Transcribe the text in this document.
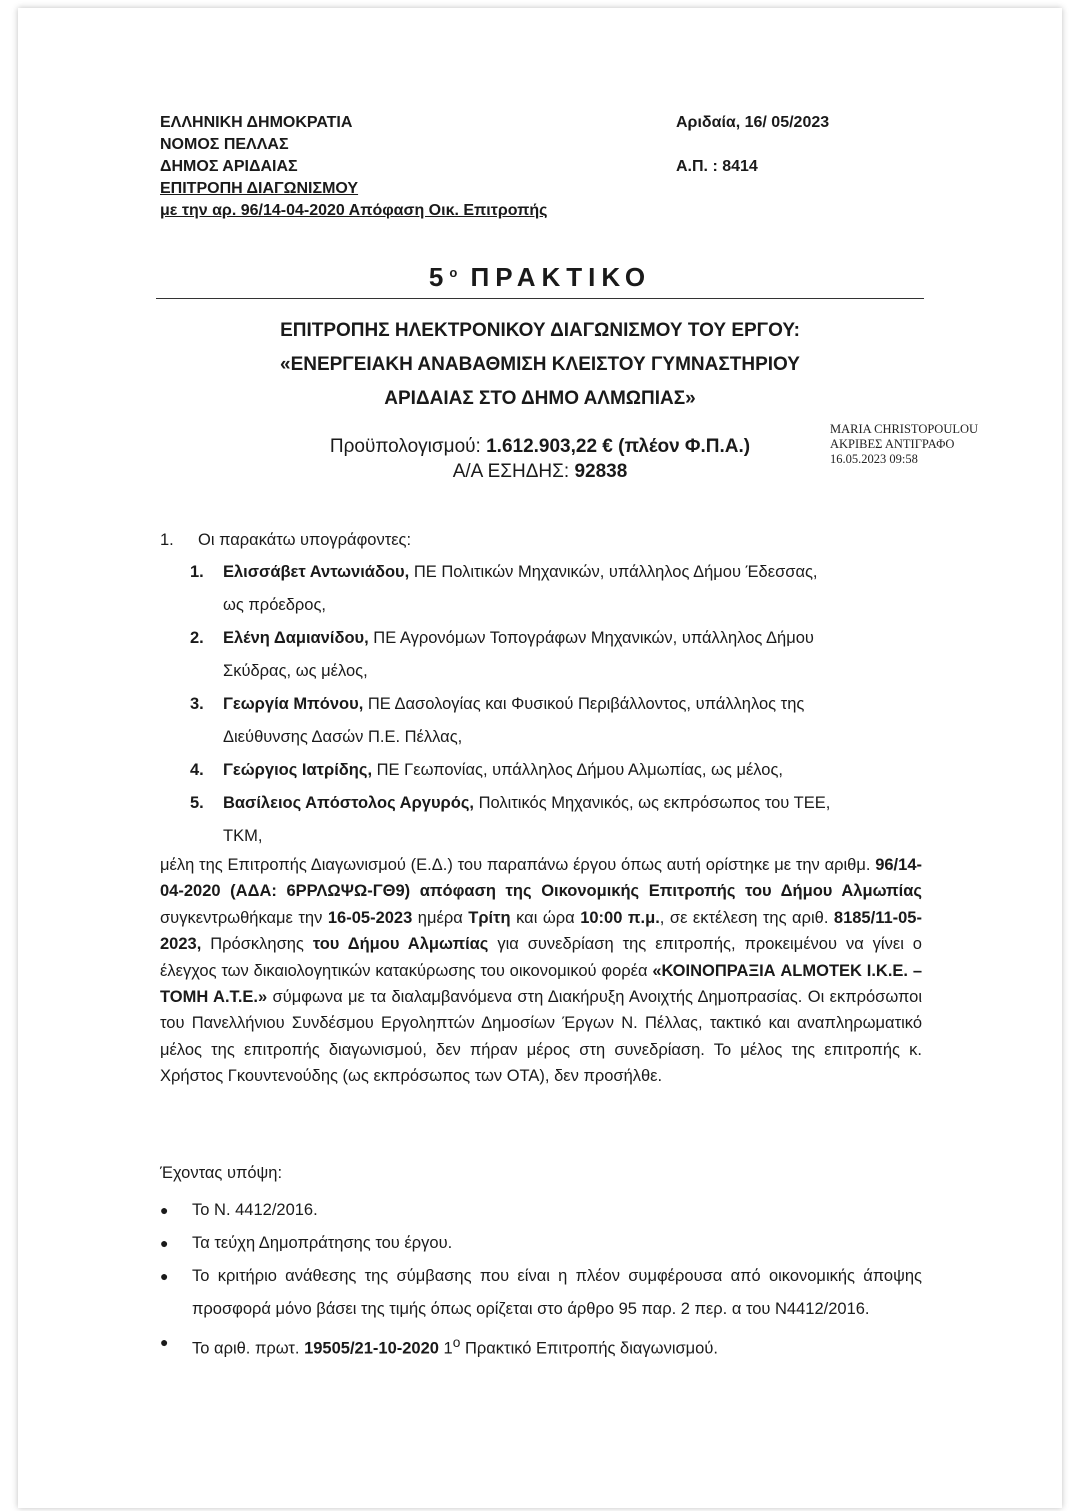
ΕΛΛΗΝΙΚΗ ΔΗΜΟΚΡΑΤΙΑ
ΝΟΜΟΣ ΠΕΛΛΑΣ
ΔΗΜΟΣ ΑΡΙΔΑΙΑΣ
ΕΠΙΤΡΟΠΗ ΔΙΑΓΩΝΙΣΜΟΥ
με την αρ. 96/14-04-2020 Απόφαση Οικ. Επιτροπής
Αριδαία, 16/ 05/2023
Α.Π. : 8414
$5^o$ ΠΡΑΚΤΙΚΟ
ΕΠΙΤΡΟΠΗΣ ΗΛΕΚΤΡΟΝΙΚΟΥ ΔΙΑΓΩΝΙΣΜΟΥ ΤΟΥ ΕΡΓΟΥ:
«ΕΝΕΡΓΕΙΑΚΗ ΑΝΑΒΑΘΜΙΣΗ ΚΛΕΙΣΤΟΥ ΓΥΜΝΑΣΤΗΡΙΟΥ
ΑΡΙΔΑΙΑΣ ΣΤΟ ΔΗΜΟ ΑΛΜΩΠΙΑΣ»
Προϋπολογισμού: 1.612.903,22 € (πλέον Φ.Π.Α.)
Α/Α ΕΣΗΔΗΣ: 92838
MARIA CHRISTOPOULOU
ΑΚΡΙΒΕΣ ΑΝΤΙΓΡΑΦΟ
16.05.2023 09:58
1. Οι παρακάτω υπογράφοντες:
1.	Ελισσάβετ Αντωνιάδου, ΠΕ Πολιτικών Μηχανικών, υπάλληλος Δήμου Έδεσσας,
ως πρόεδρος,
2.	Ελένη Δαμιανίδου, ΠΕ Αγρονόμων Τοπογράφων Μηχανικών, υπάλληλος Δήμου
Σκύδρας, ως μέλος,
3.	Γεωργία Μπόνου, ΠΕ Δασολογίας και Φυσικού Περιβάλλοντος, υπάλληλος της
Διεύθυνσης Δασών Π.Ε. Πέλλας,
4.	Γεώργιος Ιατρίδης, ΠΕ Γεωπονίας, υπάλληλος Δήμου Αλμωπίας, ως μέλος,
5.	Βασίλειος Απόστολος Αργυρός, Πολιτικός Μηχανικός, ως εκπρόσωπος του ΤΕΕ,
ΤΚΜ,
μέλη της Επιτροπής Διαγωνισμού (Ε.Δ.) του παραπάνω έργου όπως αυτή ορίστηκε με την αριθμ. 96/14-04-2020 (ΑΔΑ: 6ΡΡΛΩΨΩ-ΓΘ9) απόφαση της Οικονομικής Επιτροπής του Δήμου Αλμωπίας συγκεντρωθήκαμε την 16-05-2023 ημέρα Τρίτη και ώρα 10:00 π.μ., σε εκτέλεση της αριθ. 8185/11-05-2023, Πρόσκλησης του Δήμου Αλμωπίας για συνεδρίαση της επιτροπής, προκειμένου να γίνει ο έλεγχος των δικαιολογητικών κατακύρωσης του οικονομικού φορέα «ΚΟΙΝΟΠΡΑΞΙΑ ALMOTEK Ι.Κ.Ε. – ΤΟΜΗ Α.Τ.Ε.» σύμφωνα με τα διαλαμβανόμενα στη Διακήρυξη Ανοιχτής Δημοπρασίας. Οι εκπρόσωποι του Πανελλήνιου Συνδέσμου Εργοληπτών Δημοσίων Έργων Ν. Πέλλας, τακτικό και αναπληρωματικό μέλος της επιτροπής διαγωνισμού, δεν πήραν μέρος στη συνεδρίαση. Το μέλος της επιτροπής κ. Χρήστος Γκουντενούδης (ως εκπρόσωπος των ΟΤΑ), δεν προσήλθε.
Έχοντας υπόψη:
●	Το Ν. 4412/2016.
●	Τα τεύχη Δημοπράτησης του έργου.
●	Το κριτήριο ανάθεσης της σύμβασης που είναι η πλέον συμφέρουσα από οικονομικής άποψης προσφορά μόνο βάσει της τιμής όπως ορίζεται στο άρθρο 95 παρ. 2 περ. α του Ν4412/2016.
●	Το αριθ. πρωτ. 19505/21-10-2020 $1^o$ Πρακτικό Επιτροπής διαγωνισμού.
